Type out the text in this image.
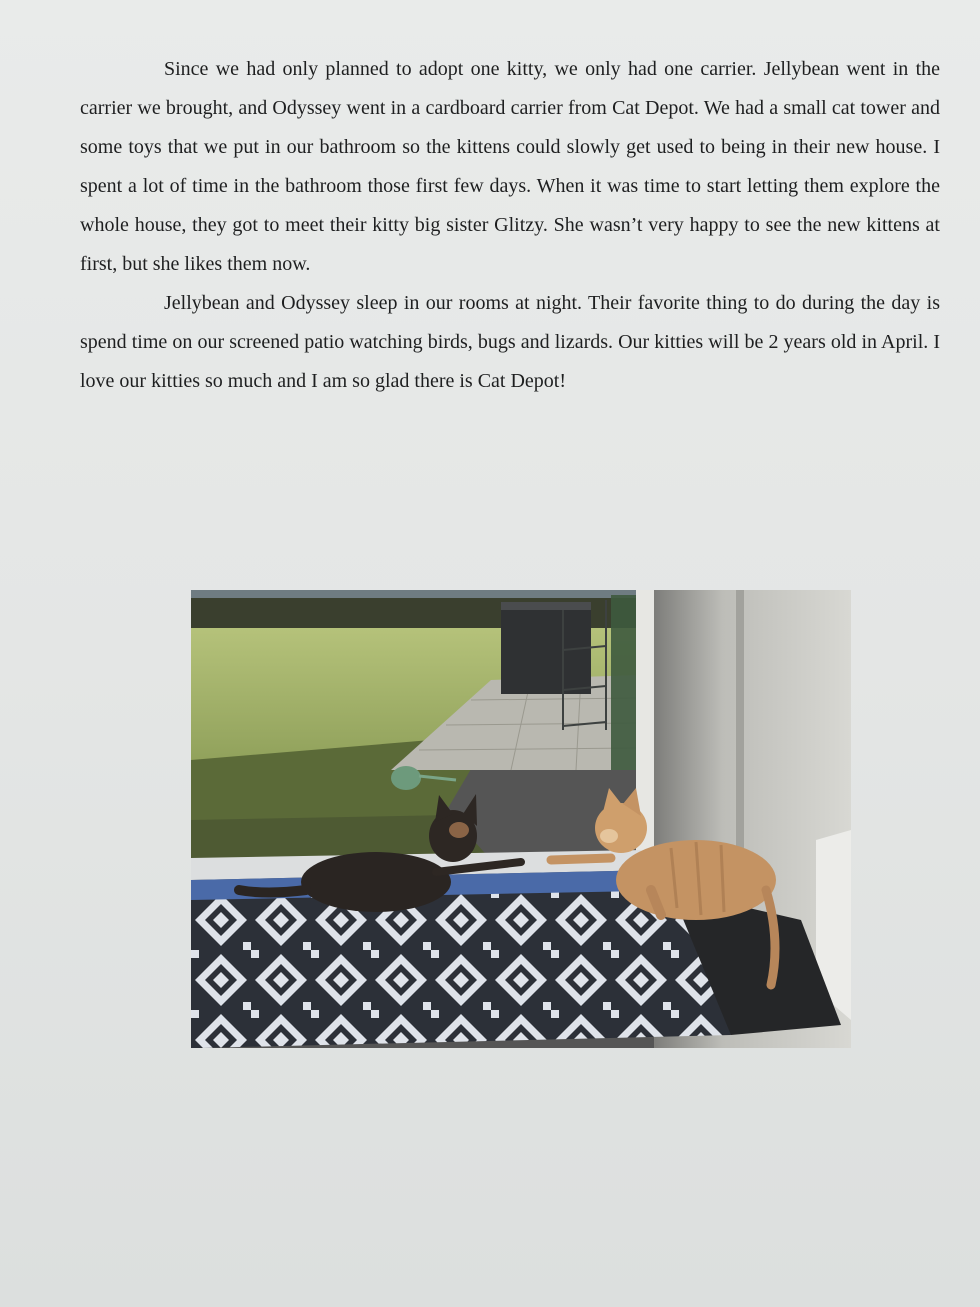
Since we had only planned to adopt one kitty, we only had one carrier. Jellybean went in the carrier we brought, and Odyssey went in a cardboard carrier from Cat Depot. We had a small cat tower and some toys that we put in our bathroom so the kittens could slowly get used to being in their new house. I spent a lot of time in the bathroom those first few days. When it was time to start letting them explore the whole house, they got to meet their kitty big sister Glitzy. She wasn’t very happy to see the new kittens at first, but she likes them now.

Jellybean and Odyssey sleep in our rooms at night. Their favorite thing to do during the day is spend time on our screened patio watching birds, bugs and lizards. Our kitties will be 2 years old in April. I love our kitties so much and I am so glad there is Cat Depot!
